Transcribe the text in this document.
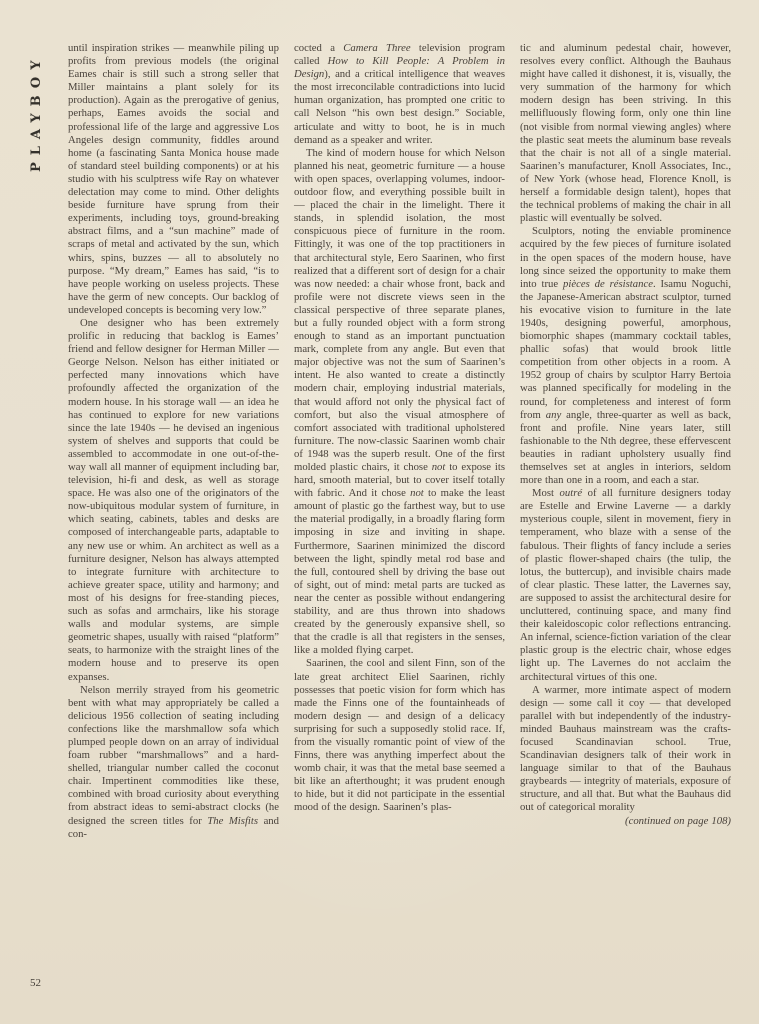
PLAYBOY

until inspiration strikes — meanwhile piling up profits from previous models (the original Eames chair is still such a strong seller that Miller maintains a plant solely for its production). Again as the prerogative of genius, perhaps, Eames avoids the social and professional life of the large and aggressive Los Angeles design community, fiddles around home (a fascinating Santa Monica house made of standard steel building components) or at his studio with his sculptress wife Ray on whatever delectation may come to mind. Other delights beside furniture have sprung from their experiments, including toys, ground-breaking abstract films, and a “sun machine” made of scraps of metal and activated by the sun, which whirs, spins, buzzes — all to absolutely no purpose. “My dream,” Eames has said, “is to have people working on useless projects. These have the germ of new concepts. Our backlog of undeveloped concepts is becoming very low.”

One designer who has been extremely prolific in reducing that backlog is Eames’ friend and fellow designer for Herman Miller — George Nelson. Nelson has either initiated or perfected many innovations which have profoundly affected the organization of the modern house. In his storage wall — an idea he has continued to explore for new variations since the late 1940s — he devised an ingenious system of shelves and supports that could be assembled to accommodate in one out-of-the-way wall all manner of equipment including bar, television, hi-fi and desk, as well as storage space. He was also one of the originators of the now-ubiquitous modular system of furniture, in which seating, cabinets, tables and desks are composed of interchangeable parts, adaptable to any new use or whim. An architect as well as a furniture designer, Nelson has always attempted to integrate furniture with architecture to achieve greater space, utility and harmony; and most of his designs for free-standing pieces, such as sofas and armchairs, like his storage walls and modular systems, are simple geometric shapes, usually with raised “platform” seats, to harmonize with the straight lines of the modern house and to preserve its open expanses.

Nelson merrily strayed from his geometric bent with what may appropriately be called a delicious 1956 collection of seating including confections like the marshmallow sofa which plumped people down on an array of individual foam rubber “marshmallows” and a hard-shelled, triangular number called the coconut chair. Impertinent commodities like these, combined with broad curiosity about everything from abstract ideas to semi-abstract clocks (he designed the screen titles for The Misfits and con-

cocted a Camera Three television program called How to Kill People: A Problem in Design), and a critical intelligence that weaves the most irreconcilable contradictions into lucid human organization, has prompted one critic to call Nelson “his own best design.” Sociable, articulate and witty to boot, he is in much demand as a speaker and writer.

The kind of modern house for which Nelson planned his neat, geometric furniture — a house with open spaces, overlapping volumes, indoor-outdoor flow, and everything possible built in — placed the chair in the limelight. There it stands, in splendid isolation, the most conspicuous piece of furniture in the room. Fittingly, it was one of the top practitioners in that architectural style, Eero Saarinen, who first realized that a different sort of design for a chair was now needed: a chair whose front, back and profile were not discrete views seen in the classical perspective of three separate planes, but a fully rounded object with a form strong enough to stand as an important punctuation mark, complete from any angle. But even that major objective was not the sum of Saarinen’s intent. He also wanted to create a distinctly modern chair, employing industrial materials, that would afford not only the physical fact of comfort, but also the visual atmosphere of comfort associated with traditional upholstered furniture. The now-classic Saarinen womb chair of 1948 was the superb result. One of the first molded plastic chairs, it chose not to expose its hard, smooth material, but to cover itself totally with fabric. And it chose not to make the least amount of plastic go the farthest way, but to use the material prodigally, in a broadly flaring form imposing in size and inviting in shape. Furthermore, Saarinen minimized the discord between the light, spindly metal rod base and the full, contoured shell by driving the base out of sight, out of mind: metal parts are tucked as near the center as possible without endangering stability, and are thus thrown into shadows created by the generously expansive shell, so that the cradle is all that registers in the senses, like a molded flying carpet.

Saarinen, the cool and silent Finn, son of the late great architect Eliel Saarinen, richly possesses that poetic vision for form which has made the Finns one of the fountainheads of modern design — and design of a delicacy surprising for such a supposedly stolid race. If, from the visually romantic point of view of the Finns, there was anything imperfect about the womb chair, it was that the metal base seemed a bit like an afterthought; it was prudent enough to hide, but it did not participate in the essential mood of the design. Saarinen’s plas-

tic and aluminum pedestal chair, however, resolves every conflict. Although the Bauhaus might have called it dishonest, it is, visually, the very summation of the harmony for which modern design has been striving. In this mellifluously flowing form, only one thin line (not visible from normal viewing angles) where the plastic seat meets the aluminum base reveals that the chair is not all of a single material. Saarinen’s manufacturer, Knoll Associates, Inc., of New York (whose head, Florence Knoll, is herself a formidable design talent), hopes that the technical problems of making the chair in all plastic will eventually be solved.

Sculptors, noting the enviable prominence acquired by the few pieces of furniture isolated in the open spaces of the modern house, have long since seized the opportunity to make them into true pièces de résistance. Isamu Noguchi, the Japanese-American abstract sculptor, turned his evocative vision to furniture in the late 1940s, designing powerful, amorphous, biomorphic shapes (mammary cocktail tables, phallic sofas) that would brook little competition from other objects in a room. A 1952 group of chairs by sculptor Harry Bertoia was planned specifically for modeling in the round, for completeness and interest of form from any angle, three-quarter as well as back, front and profile. Nine years later, still fashionable to the Nth degree, these effervescent beauties in radiant upholstery usually find themselves set at angles in interiors, seldom more than one in a room, and each a star.

Most outré of all furniture designers today are Estelle and Erwine Laverne — a darkly mysterious couple, silent in movement, fiery in temperament, who blaze with a sense of the fabulous. Their flights of fancy include a series of plastic flower-shaped chairs (the tulip, the lotus, the buttercup), and invisible chairs made of clear plastic. These latter, the Lavernes say, are supposed to assist the architectural desire for uncluttered, continuing space, and many find their kaleidoscopic color reflections entrancing. An infernal, science-fiction variation of the clear plastic group is the electric chair, whose edges light up. The Lavernes do not acclaim the architectural virtues of this one.

A warmer, more intimate aspect of modern design — some call it coy — that developed parallel with but independently of the industry-minded Bauhaus mainstream was the crafts-focused Scandinavian school. True, Scandinavian designers talk of their work in language similar to that of the Bauhaus graybeards — integrity of materials, exposure of structure, and all that. But what the Bauhaus did out of categorical morality

(continued on page 108)

52
